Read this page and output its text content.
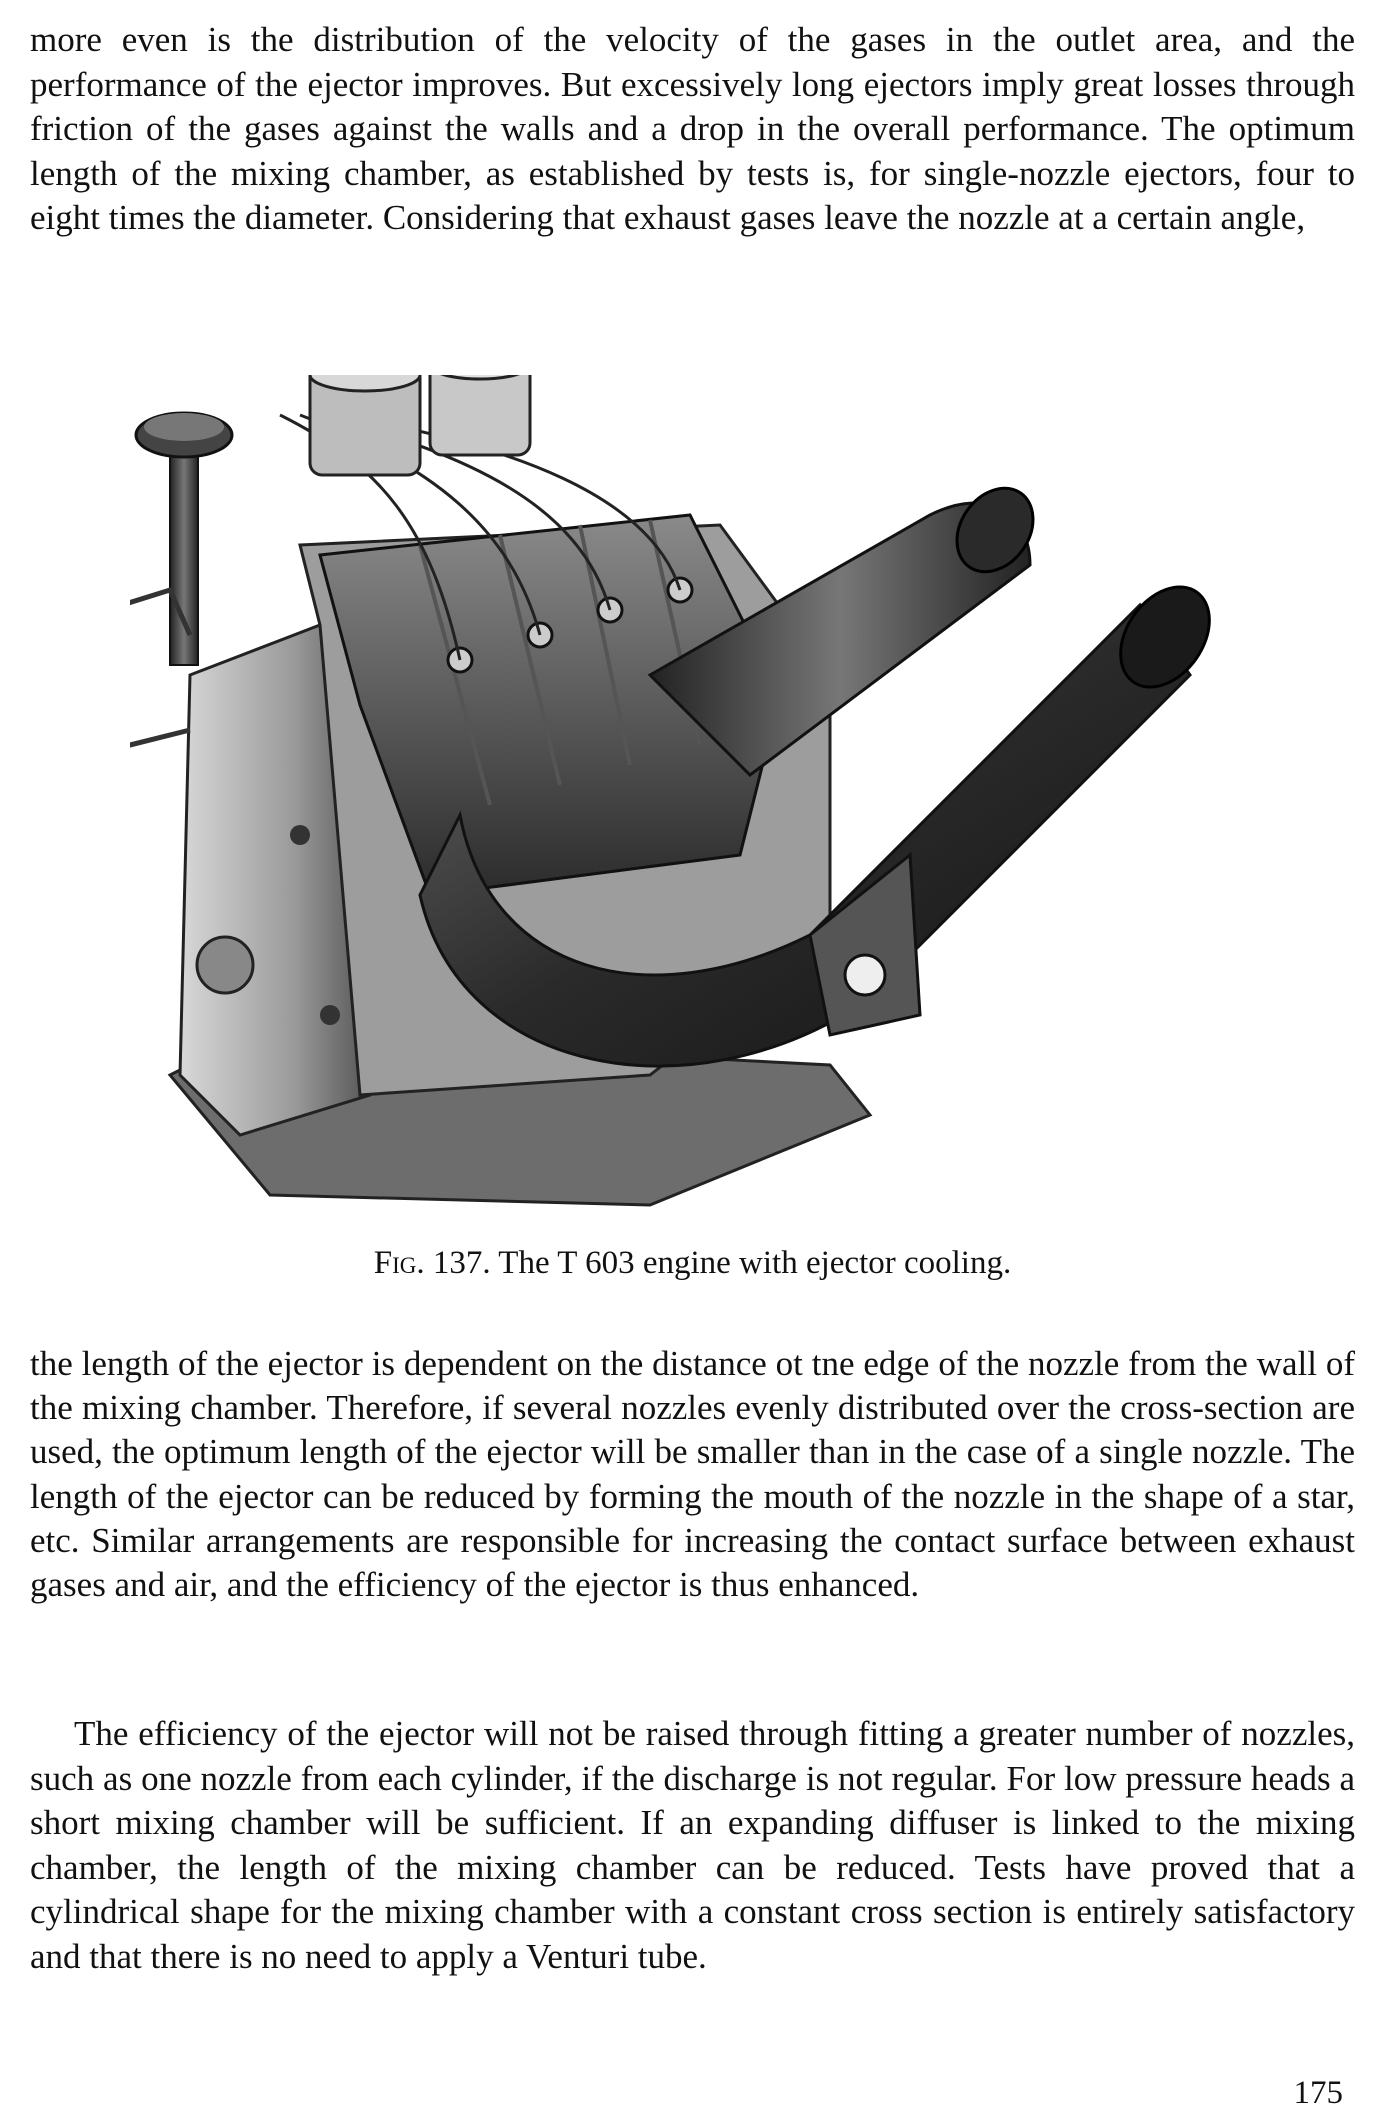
more even is the distribution of the velocity of the gases in the outlet area, and the performance of the ejector improves. But excessively long ejectors imply great losses through friction of the gases against the walls and a drop in the overall performance. The optimum length of the mixing chamber, as established by tests is, for single-nozzle ejectors, four to eight times the diameter. Considering that exhaust gases leave the nozzle at a certain angle,

Fig. 137. The T 603 engine with ejector cooling.

the length of the ejector is dependent on the distance ot tne edge of the nozzle from the wall of the mixing chamber. Therefore, if several nozzles evenly distributed over the cross-section are used, the optimum length of the ejector will be smaller than in the case of a single nozzle. The length of the ejector can be reduced by forming the mouth of the nozzle in the shape of a star, etc. Similar arrangements are responsible for increasing the contact surface between exhaust gases and air, and the efficiency of the ejector is thus enhanced.

The efficiency of the ejector will not be raised through fitting a greater number of nozzles, such as one nozzle from each cylinder, if the discharge is not regular. For low pressure heads a short mixing chamber will be sufficient. If an expanding diffuser is linked to the mixing chamber, the length of the mixing chamber can be reduced. Tests have proved that a cylindrical shape for the mixing chamber with a constant cross section is entirely satisfactory and that there is no need to apply a Venturi tube.

175
